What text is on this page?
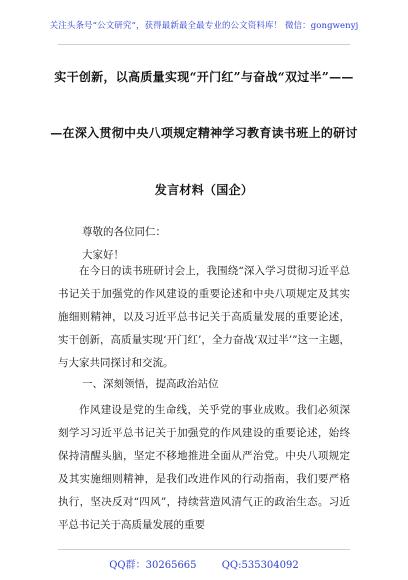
关注头条号“公文研究”，获得最新最全最专业的公文资料库！ 微信：gongwenyj
实干创新，以高质量实现“开门红”与奋战“双过半”——
—在深入贯彻中央八项规定精神学习教育读书班上的研讨
发言材料（国企）
尊敬的各位同仁：
大家好！

在今日的读书班研讨会上，我围绕“深入学习贯彻习近平总书记关于加强党的作风建设的重要论述和中央八项规定及其实施细则精神，以及习近平总书记关于高质量发展的重要论述，实干创新，高质量实现‘开门红’，全力奋战‘双过半’”这一主题，与大家共同探讨和交流。

一、深刻领悟，提高政治站位

作风建设是党的生命线，关乎党的事业成败。我们必须深刻学习习近平总书记关于加强党的作风建设的重要论述，始终保持清醒头脑，坚定不移地推进全面从严治党。中央八项规定及其实施细则精神，是我们改进作风的行动指南，我们要严格执行，坚决反对“四风”，持续营造风清气正的政治生态。习近平总书记关于高质量发展的重要

QQ群：30265665	QQ:535304092
